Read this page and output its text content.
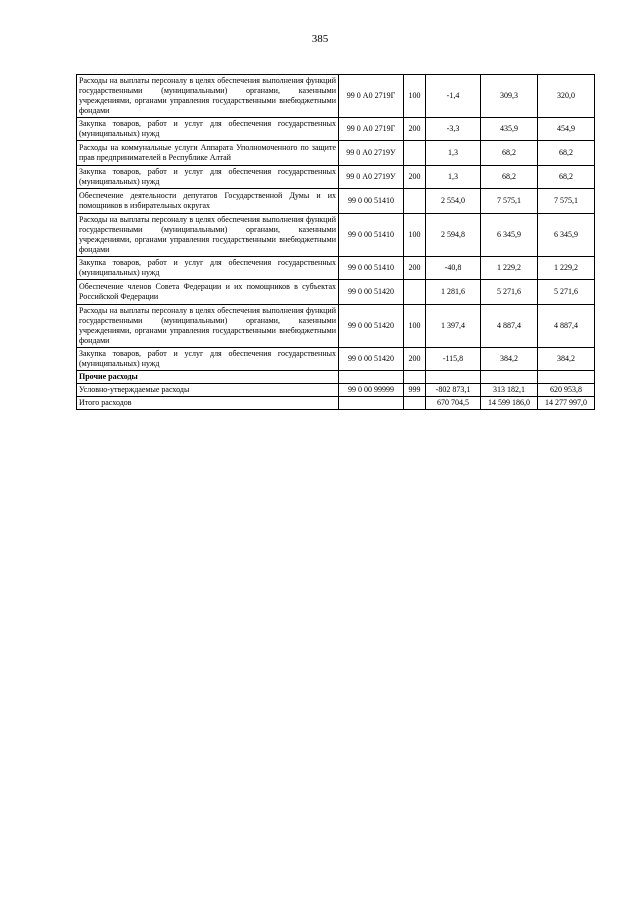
385
Расходы на выплаты персоналу в целях обеспечения выполнения функций государственными (муниципальными) органами, казенными учреждениями, органами управления государственными внебюджетными фондами	99 0 А0 2719Г	100	-1,4	309,3	320,0
Закупка товаров, работ и услуг для обеспечения государственных (муниципальных) нужд	99 0 А0 2719Г	200	-3,3	435,9	454,9
Расходы на коммунальные услуги Аппарата Уполномоченного по защите прав предпринимателей в Республике Алтай	99 0 А0 2719У		1,3	68,2	68,2
Закупка товаров, работ и услуг для обеспечения государственных (муниципальных) нужд	99 0 А0 2719У	200	1,3	68,2	68,2
Обеспечение деятельности депутатов Государственной Думы и их помощников в избирательных округах	99 0 00 51410		2 554,0	7 575,1	7 575,1
Расходы на выплаты персоналу в целях обеспечения выполнения функций государственными (муниципальными) органами, казенными учреждениями, органами управления государственными внебюджетными фондами	99 0 00 51410	100	2 594,8	6 345,9	6 345,9
Закупка товаров, работ и услуг для обеспечения государственных (муниципальных) нужд	99 0 00 51410	200	-40,8	1 229,2	1 229,2
Обеспечение членов Совета Федерации и их помощников в субъектах Российской Федерации	99 0 00 51420		1 281,6	5 271,6	5 271,6
Расходы на выплаты персоналу в целях обеспечения выполнения функций государственными (муниципальными) органами, казенными учреждениями, органами управления государственными внебюджетными фондами	99 0 00 51420	100	1 397,4	4 887,4	4 887,4
Закупка товаров, работ и услуг для обеспечения государственных (муниципальных) нужд	99 0 00 51420	200	-115,8	384,2	384,2
Прочие расходы					
Условно-утверждаемые расходы	99 0 00 99999	999	-802 873,1	313 182,1	620 953,8
Итого расходов			670 704,5	14 599 186,0	14 277 997,0
